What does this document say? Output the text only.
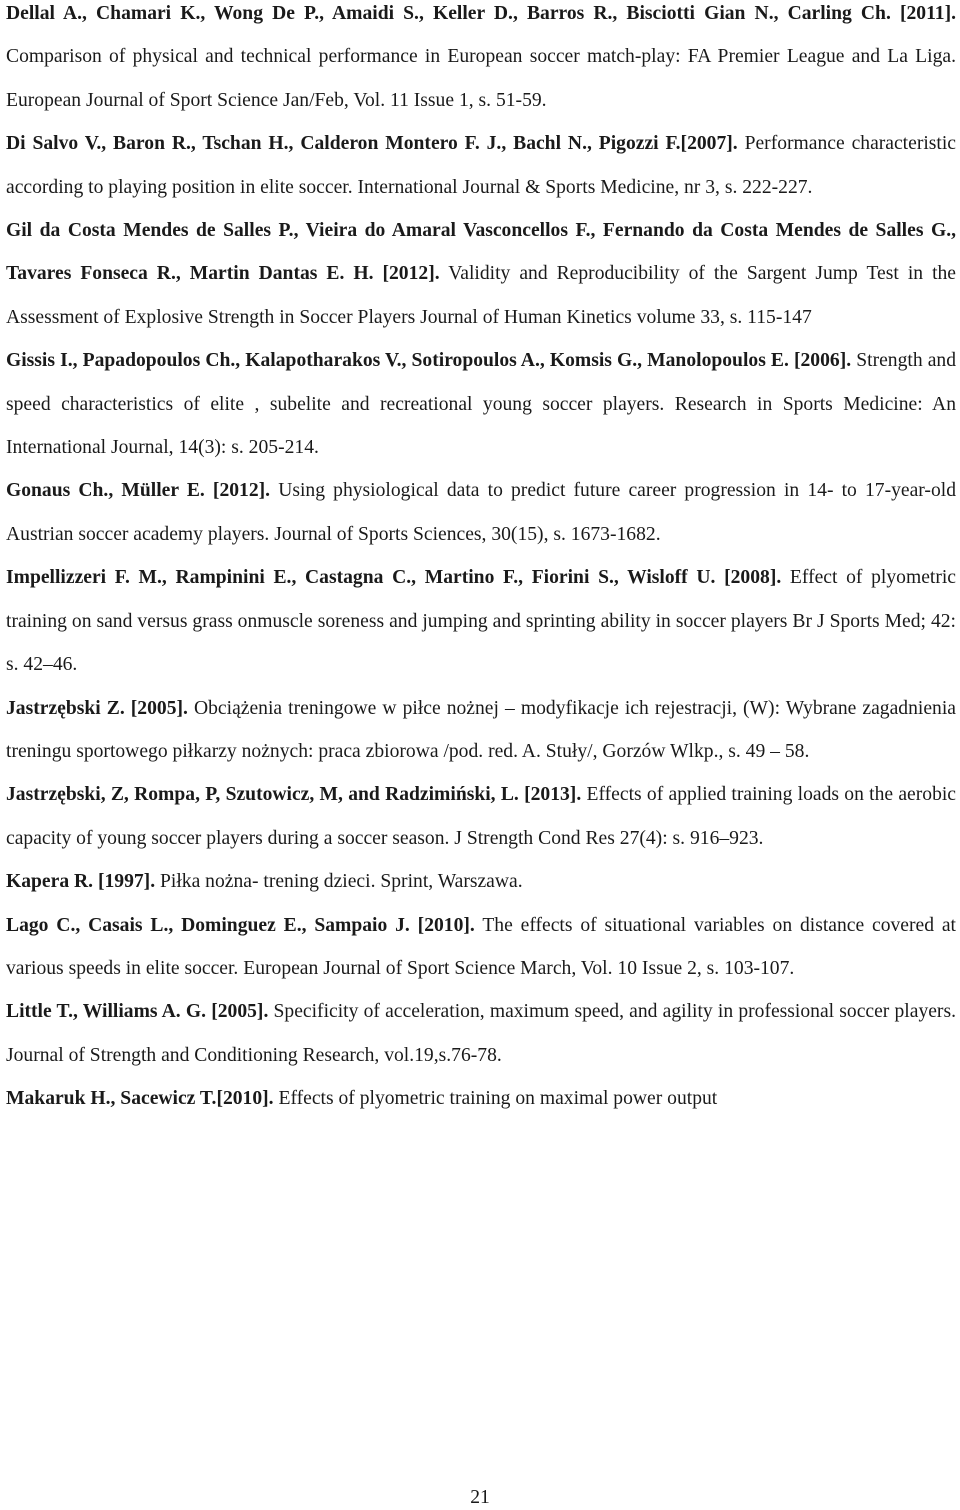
Dellal A., Chamari K., Wong De P., Amaidi S., Keller D., Barros R., Bisciotti Gian N., Carling Ch. [2011]. Comparison of physical and technical performance in European soccer match-play: FA Premier League and La Liga. European Journal of Sport Science Jan/Feb, Vol. 11 Issue 1, s. 51-59.

Di Salvo V., Baron R., Tschan H., Calderon Montero F. J., Bachl N., Pigozzi F.[2007]. Performance characteristic according to playing position in elite soccer. International Journal & Sports Medicine, nr 3, s. 222-227.

Gil da Costa Mendes de Salles P., Vieira do Amaral Vasconcellos F., Fernando da Costa Mendes de Salles G., Tavares Fonseca R., Martin Dantas E. H. [2012]. Validity and Reproducibility of the Sargent Jump Test in the Assessment of Explosive Strength in Soccer Players Journal of Human Kinetics volume 33, s. 115-147

Gissis I., Papadopoulos Ch., Kalapotharakos V., Sotiropoulos A., Komsis G., Manolopoulos E. [2006]. Strength and speed characteristics of elite , subelite and recreational young soccer players. Research in Sports Medicine: An International Journal, 14(3): s. 205-214.

Gonaus Ch., Müller E. [2012]. Using physiological data to predict future career progression in 14- to 17-year-old Austrian soccer academy players. Journal of Sports Sciences, 30(15), s. 1673-1682.

Impellizzeri F. M., Rampinini E., Castagna C., Martino F., Fiorini S., Wisloff U. [2008]. Effect of plyometric training on sand versus grass onmuscle soreness and jumping and sprinting ability in soccer players Br J Sports Med; 42: s. 42–46.

Jastrzębski Z. [2005]. Obciążenia treningowe w piłce nożnej – modyfikacje ich rejestracji, (W): Wybrane zagadnienia treningu sportowego piłkarzy nożnych: praca zbiorowa /pod. red. A. Stuły/, Gorzów Wlkp., s. 49 – 58.

Jastrzębski, Z, Rompa, P, Szutowicz, M, and Radzimiński, L. [2013]. Effects of applied training loads on the aerobic capacity of young soccer players during a soccer season. J Strength Cond Res 27(4): s. 916–923.

Kapera R. [1997]. Piłka nożna- trening dzieci. Sprint, Warszawa.

Lago C., Casais L., Dominguez E., Sampaio J. [2010]. The effects of situational variables on distance covered at various speeds in elite soccer. European Journal of Sport Science March, Vol. 10 Issue 2, s. 103-107.

Little T., Williams A. G. [2005]. Specificity of acceleration, maximum speed, and agility in professional soccer players. Journal of Strength and Conditioning Research, vol.19,s.76-78.

Makaruk H., Sacewicz T.[2010]. Effects of plyometric training on maximal power output

21
